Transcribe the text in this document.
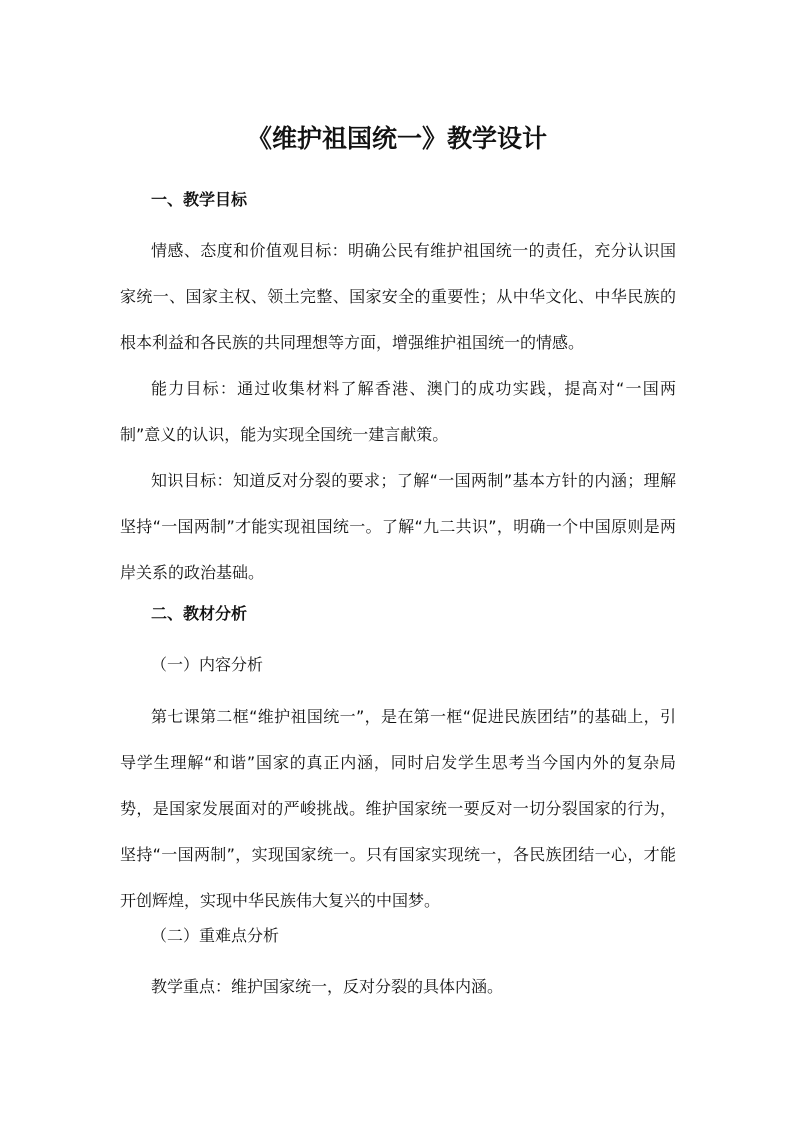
《维护祖国统一》教学设计
一、教学目标
情感、态度和价值观目标：明确公民有维护祖国统一的责任，充分认识国家统一、国家主权、领土完整、国家安全的重要性；从中华文化、中华民族的根本利益和各民族的共同理想等方面，增强维护祖国统一的情感。
能力目标：通过收集材料了解香港、澳门的成功实践，提高对“一国两制”意义的认识，能为实现全国统一建言献策。
知识目标：知道反对分裂的要求；了解“一国两制”基本方针的内涵；理解坚持“一国两制”才能实现祖国统一。了解“九二共识”，明确一个中国原则是两岸关系的政治基础。
二、教材分析
（一）内容分析
第七课第二框“维护祖国统一”，是在第一框“促进民族团结”的基础上，引导学生理解“和谐”国家的真正内涵，同时启发学生思考当今国内外的复杂局势，是国家发展面对的严峻挑战。维护国家统一要反对一切分裂国家的行为，坚持“一国两制”，实现国家统一。只有国家实现统一，各民族团结一心，才能开创辉煌，实现中华民族伟大复兴的中国梦。
（二）重难点分析
教学重点：维护国家统一，反对分裂的具体内涵。
